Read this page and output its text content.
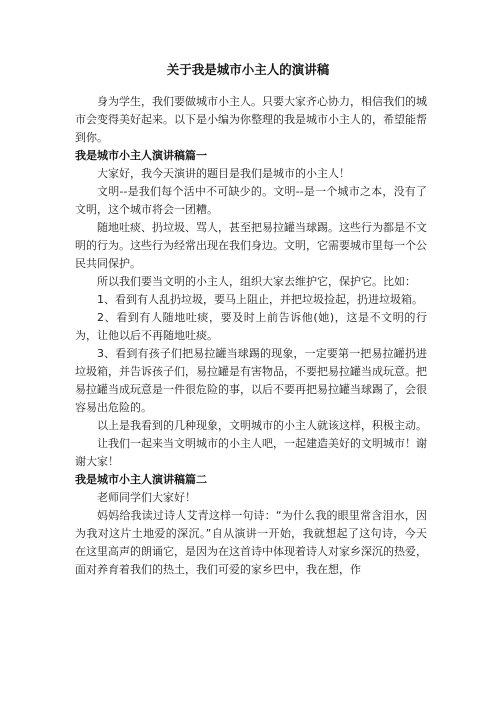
关于我是城市小主人的演讲稿

身为学生，我们要做城市小主人。只要大家齐心协力，相信我们的城市会变得美好起来。以下是小编为你整理的我是城市小主人的，希望能帮到你。

我是城市小主人演讲稿篇一

大家好，我今天演讲的题目是我们是城市的小主人！

文明--是我们每个活中不可缺少的。文明--是一个城市之本，没有了文明，这个城市将会一团糟。

随地吐痰、扔垃圾、骂人，甚至把易拉罐当球踢。这些行为都是不文明的行为。这些行为经常出现在我们身边。文明，它需要城市里每一个公民共同保护。

所以我们要当文明的小主人，组织大家去维护它，保护它。比如：

1、看到有人乱扔垃圾，要马上阻止，并把垃圾捡起，扔进垃圾箱。

2、看到有人随地吐痰，要及时上前告诉他(她)，这是不文明的行为，让他以后不再随地吐痰。

3、看到有孩子们把易拉罐当球踢的现象，一定要第一把易拉罐扔进垃圾箱，并告诉孩子们，易拉罐是有害物品，不要把易拉罐当成玩意。把易拉罐当成玩意是一件很危险的事，以后不要再把易拉罐当球踢了，会很容易出危险的。

以上是我看到的几种现象，文明城市的小主人就该这样，积极主动。

让我们一起来当文明城市的小主人吧，一起建造美好的文明城市！谢谢大家！

我是城市小主人演讲稿篇二

老师同学们大家好！

妈妈给我读过诗人艾青这样一句诗：“为什么我的眼里常含泪水，因为我对这片土地爱的深沉。”自从演讲一开始，我就想起了这句诗，今天在这里高声的朗诵它，是因为在这首诗中体现着诗人对家乡深沉的热爱，面对养育着我们的热土，我们可爱的家乡巴中，我在想，作
